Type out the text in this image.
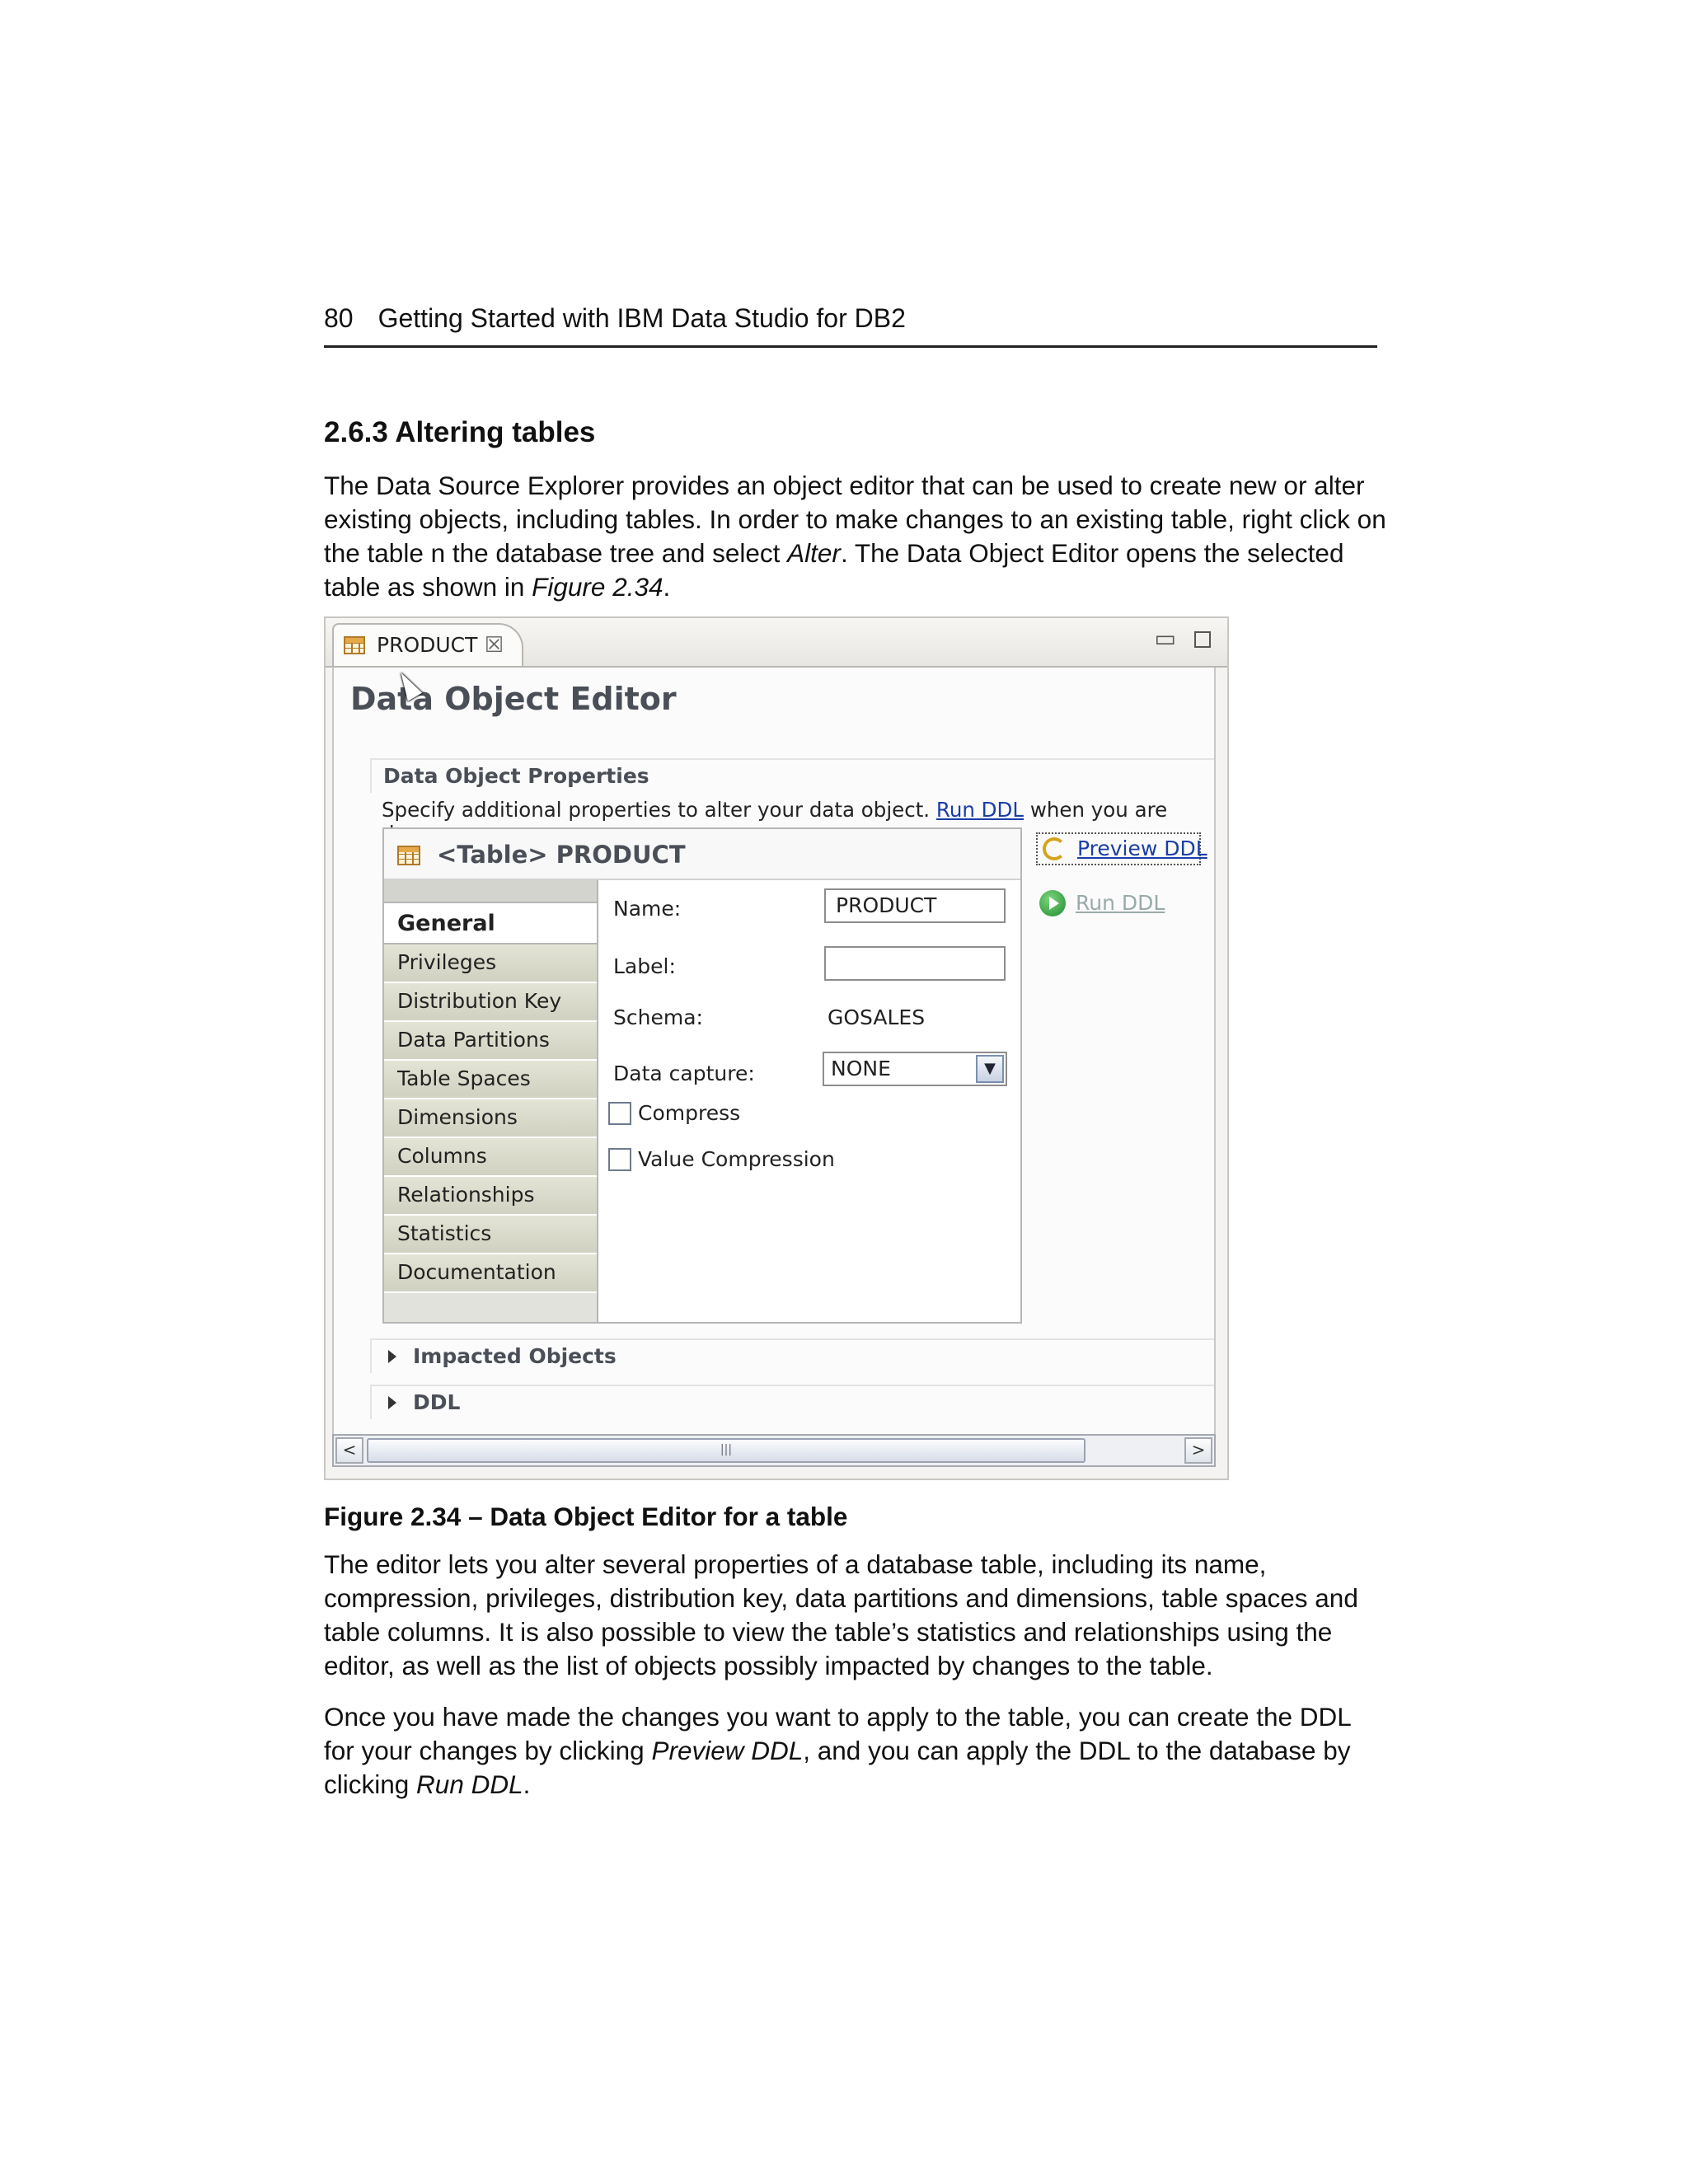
80 Getting Started with IBM Data Studio for DB2
2.6.3 Altering tables
The Data Source Explorer provides an object editor that can be used to create new or alter existing objects, including tables. In order to make changes to an existing table, right click on the table n the database tree and select Alter. The Data Object Editor opens the selected table as shown in Figure 2.34.
PRODUCT ☒	▭
Data Object Editor
Data Object Properties
Specify additional properties to alter your data object. Run DDL when you are
<Table> PRODUCT
General
Privileges
Distribution Key
Data Partitions
Table Spaces
Dimensions
Columns
Relationships
Statistics
Documentation
Name:	PRODUCT
Label:
Schema:	GOSALES
Data capture:	NONE	▼
Compress
Value Compression
Preview DDL
Run DDL
Impacted Objects
DDL
<	|||	>
Figure 2.34 – Data Object Editor for a table
The editor lets you alter several properties of a database table, including its name, compression, privileges, distribution key, data partitions and dimensions, table spaces and table columns. It is also possible to view the table’s statistics and relationships using the editor, as well as the list of objects possibly impacted by changes to the table.
Once you have made the changes you want to apply to the table, you can create the DDL for your changes by clicking Preview DDL, and you can apply the DDL to the database by clicking Run DDL.
